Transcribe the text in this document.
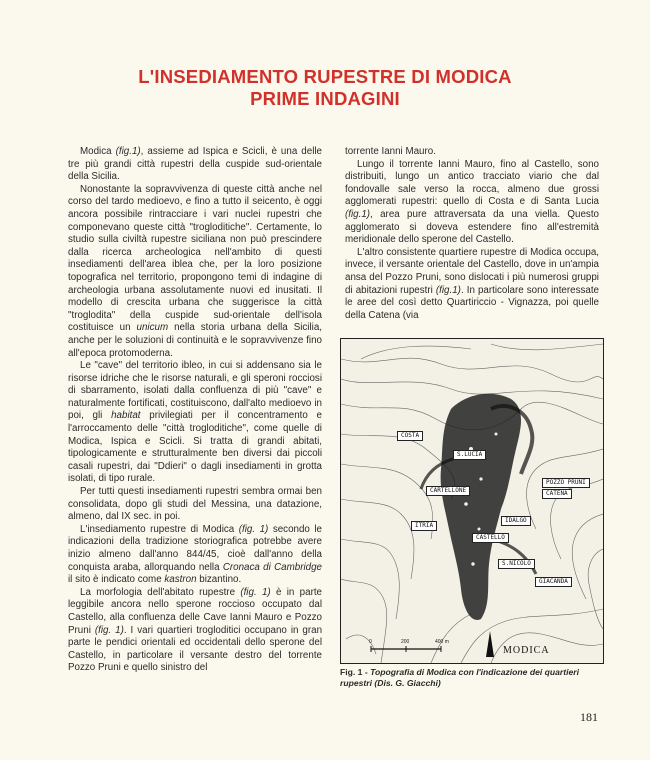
L'INSEDIAMENTO RUPESTRE DI MODICA
PRIME INDAGINI

Modica (fig.1), assieme ad Ispica e Scicli, è una delle tre più grandi città rupestri della cuspide sud-orientale della Sicilia.

Nonostante la sopravvivenza di queste città anche nel corso del tardo medioevo, e fino a tutto il seicento, è oggi ancora possibile rintracciare i vari nuclei rupestri che componevano queste città "trogloditiche". Certamente, lo studio sulla civiltà rupestre siciliana non può prescindere dalla ricerca archeologica nell'ambito di questi insediamenti dell'area iblea che, per la loro posizione topografica nel territorio, propongono temi di indagine di archeologia urbana assolutamente nuovi ed inusitati. Il modello di crescita urbana che suggerisce la città "troglodita" della cuspide sud-orientale dell'isola costituisce un unicum nella storia urbana della Sicilia, anche per le soluzioni di continuità e le sopravvivenze fino all'epoca protomoderna.

Le "cave" del territorio ibleo, in cui si addensano sia le risorse idriche che le risorse naturali, e gli speroni rocciosi di sbarramento, isolati dalla confluenza di più "cave" e naturalmente fortificati, costituiscono, dall'alto medioevo in poi, gli habitat privilegiati per il concentramento e l'arroccamento delle "città trogloditiche", come quelle di Modica, Ispica e Scicli. Si tratta di grandi abitati, tipologicamente e strutturalmente ben diversi dai piccoli casali rupestri, dai "Ddieri" o dagli insediamenti in grotta isolati, di tipo rurale.

Per tutti questi insediamenti rupestri sembra ormai ben consolidata, dopo gli studi del Messina, una datazione, almeno, dal IX sec. in poi.

L'insediamento rupestre di Modica (fig. 1) secondo le indicazioni della tradizione storiografica potrebbe avere inizio almeno dall'anno 844/45, cioè dall'anno della conquista araba, allorquando nella Cronaca di Cambridge il sito è indicato come kastron bizantino.

La morfologia dell'abitato rupestre (fig. 1) è in parte leggibile ancora nello sperone roccioso occupato dal Castello, alla confluenza delle Cave Ianni Mauro e Pozzo Pruni (fig. 1). I vari quartieri trogloditici occupano in gran parte le pendici orientali ed occidentali dello sperone del Castello, in particolare il versante destro del torrente Pozzo Pruni e quello sinistro del

torrente Ianni Mauro.

Lungo il torrente Ianni Mauro, fino al Castello, sono distribuiti, lungo un antico tracciato viario che dal fondovalle sale verso la rocca, almeno due grossi agglomerati rupestri: quello di Costa e di Santa Lucia (fig.1), area pure attraversata da una viella. Questo agglomerato si doveva estendere fino all'estremità meridionale dello sperone del Castello.

L'altro consistente quartiere rupestre di Modica occupa, invece, il versante orientale del Castello, dove in un'ampia ansa del Pozzo Pruni, sono dislocati i più numerosi gruppi di abitazioni rupestri (fig.1). In particolare sono interessate le aree del così detto Quartiriccio - Vignazza, poi quelle della Catena (via

COSTA
S.LUCIA
POZZO PRUNI
CATENA
CARTELLONE
ITRIA
IDALGO
CASTELLO
S.NICOLO
GIACANDA
0	200	400 m
MODICA
Fig. 1 - Topografia di Modica con l'indicazione dei quartieri rupestri (Dis. G. Giacchi)
181
